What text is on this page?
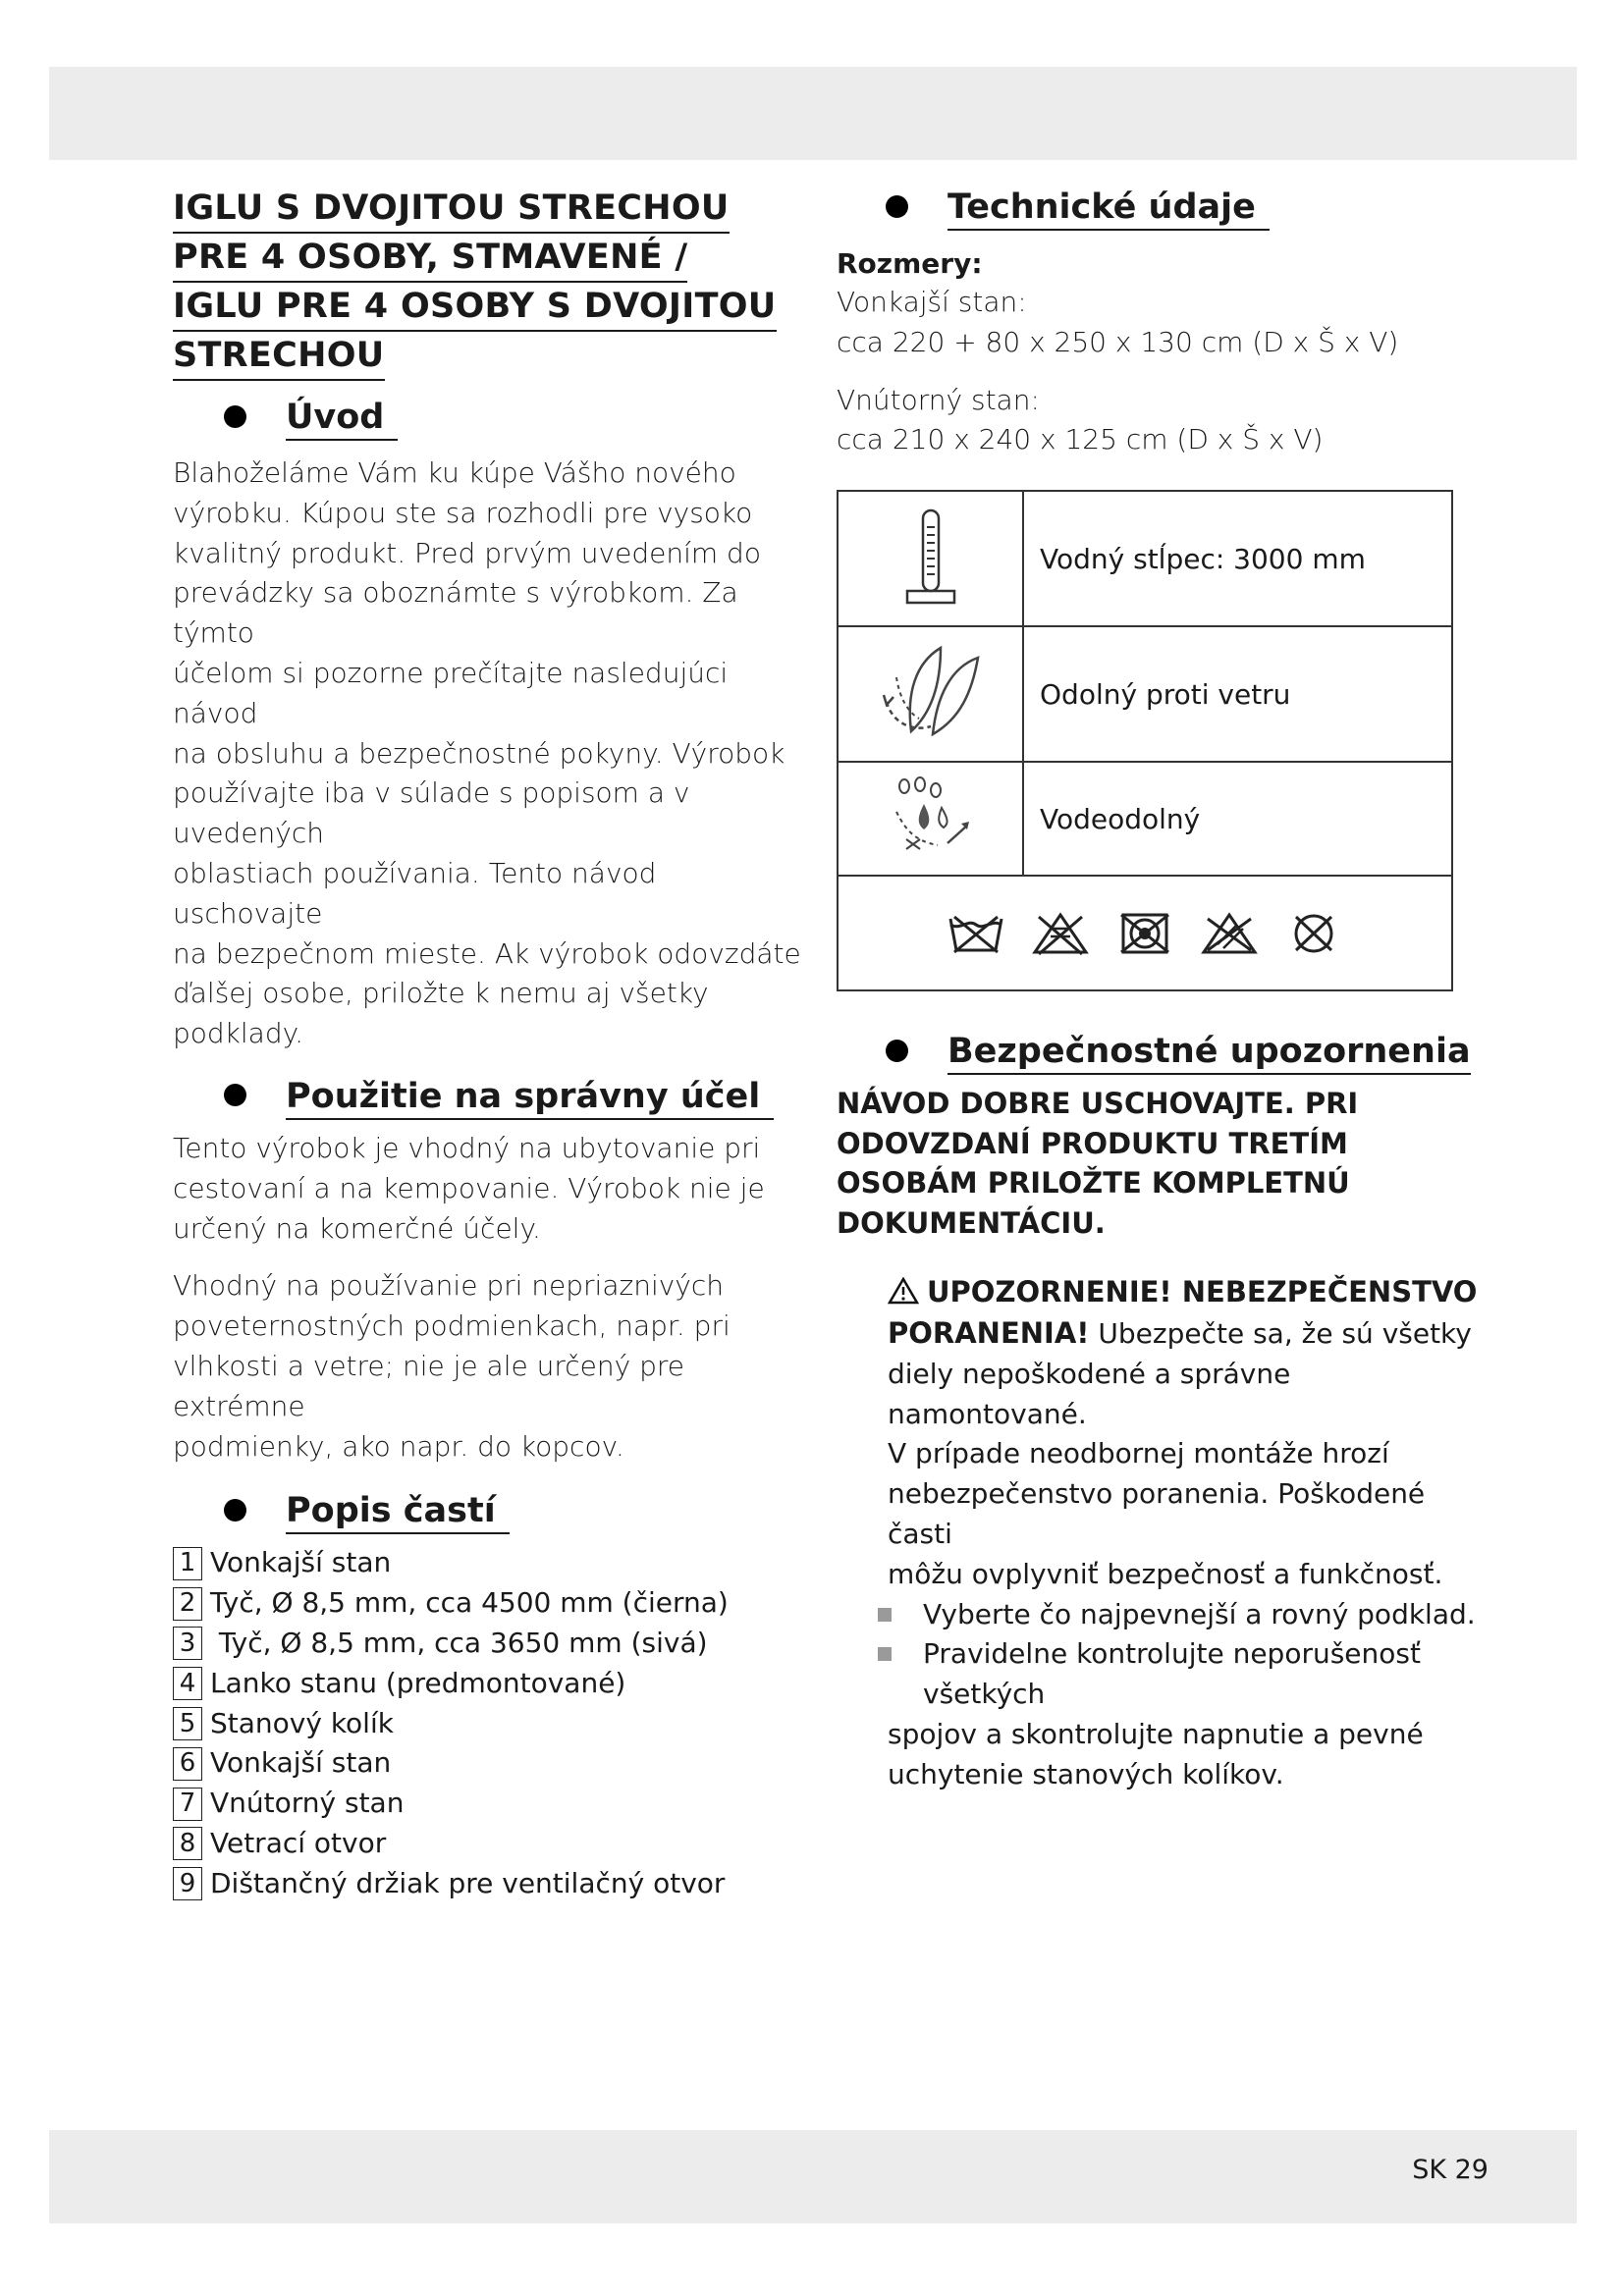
IGLU S DVOJITOU STRECHOU
PRE 4 OSOBY, STMAVENÉ /
IGLU PRE 4 OSOBY S DVOJITOU
STRECHOU
Úvod

Blahoželáme Vám ku kúpe Vášho nového
výrobku. Kúpou ste sa rozhodli pre vysoko
kvalitný produkt. Pred prvým uvedením do
prevádzky sa oboznámte s výrobkom. Za týmto
účelom si pozorne prečítajte nasledujúci návod
na obsluhu a bezpečnostné pokyny. Výrobok
používajte iba v súlade s popisom a v uvedených
oblastiach používania. Tento návod uschovajte
na bezpečnom mieste. Ak výrobok odovzdáte
ďalšej osobe, priložte k nemu aj všetky podklady.

Použitie na správny účel

Tento výrobok je vhodný na ubytovanie pri
cestovaní a na kempovanie. Výrobok nie je
určený na komerčné účely.

Vhodný na používanie pri nepriaznivých
poveternostných podmienkach, napr. pri
vlhkosti a vetre; nie je ale určený pre extrémne
podmienky, ako napr. do kopcov.

Popis častí
1 Vonkajší stan
2 Tyč, Ø 8,5 mm, cca 4500 mm (čierna)
3 Tyč, Ø 8,5 mm, cca 3650 mm (sivá)
4 Lanko stanu (predmontované)
5 Stanový kolík
6 Vonkajší stan
7 Vnútorný stan
8 Vetrací otvor
9 Dištančný držiak pre ventilačný otvor
Technické údaje
Rozmery:

Vonkajší stan:
cca 220 + 80 x 250 x 130 cm (D x Š x V)

Vnútorný stan:
cca 210 x 240 x 125 cm (D x Š x V)

	Vodný stĺpec: 3000 mm
	Odolný proti vetru
	Vodeodolný

Bezpečnostné upozornenia

NÁVOD DOBRE USCHOVAJTE. PRI
ODOVZDANÍ PRODUKTU TRETÍM
OSOBÁM PRILOŽTE KOMPLETNÚ
DOKUMENTÁCIU.

UPOZORNENIE! NEBEZPEČENSTVO
PORANENIA! Ubezpečte sa, že sú všetky
diely nepoškodené a správne namontované.
V prípade neodbornej montáže hrozí
nebezpečenstvo poranenia. Poškodené časti
môžu ovplyvniť bezpečnosť a funkčnosť.
Vyberte čo najpevnejší a rovný podklad.
Pravidelne kontrolujte neporušenosť všetkých
spojov a skontrolujte napnutie a pevné
uchytenie stanových kolíkov.
SK 29
